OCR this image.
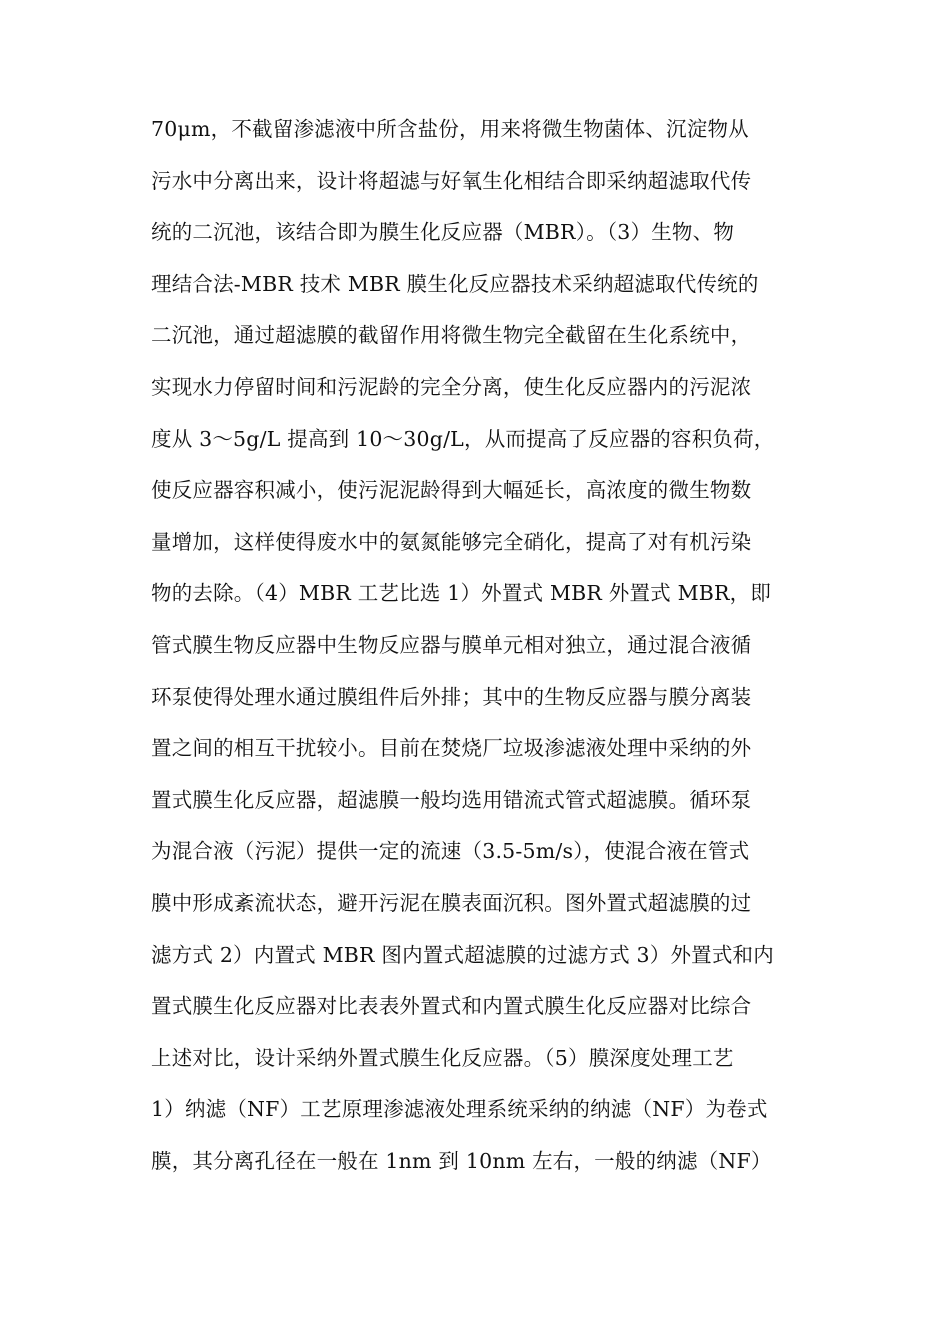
70μm，不截留渗滤液中所含盐份，用来将微生物菌体、沉淀物从
污水中分离出来，设计将超滤与好氧生化相结合即采纳超滤取代传
统的二沉池，该结合即为膜生化反应器（MBR）。（3）生物、物
理结合法-MBR 技术 MBR 膜生化反应器技术采纳超滤取代传统的
二沉池，通过超滤膜的截留作用将微生物完全截留在生化系统中，
实现水力停留时间和污泥龄的完全分离，使生化反应器内的污泥浓
度从 3～5g/L 提高到 10～30g/L，从而提高了反应器的容积负荷，
使反应器容积减小，使污泥泥龄得到大幅延长，高浓度的微生物数
量增加，这样使得废水中的氨氮能够完全硝化，提高了对有机污染
物的去除。（4）MBR 工艺比选 1）外置式 MBR 外置式 MBR，即
管式膜生物反应器中生物反应器与膜单元相对独立，通过混合液循
环泵使得处理水通过膜组件后外排；其中的生物反应器与膜分离装
置之间的相互干扰较小。目前在焚烧厂垃圾渗滤液处理中采纳的外
置式膜生化反应器，超滤膜一般均选用错流式管式超滤膜。循环泵
为混合液（污泥）提供一定的流速（3.5-5m/s），使混合液在管式
膜中形成紊流状态，避开污泥在膜表面沉积。图外置式超滤膜的过
滤方式 2）内置式 MBR 图内置式超滤膜的过滤方式 3）外置式和内
置式膜生化反应器对比表表外置式和内置式膜生化反应器对比综合
上述对比，设计采纳外置式膜生化反应器。（5）膜深度处理工艺
1）纳滤（NF）工艺原理渗滤液处理系统采纳的纳滤（NF）为卷式
膜，其分离孔径在一般在 1nm 到 10nm 左右，一般的纳滤（NF）
